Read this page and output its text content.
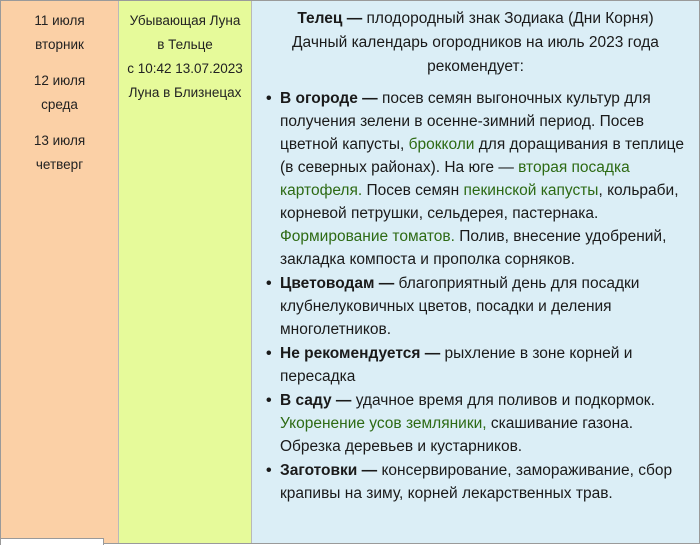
11 июля
вторник
12 июля
среда
13 июля
четверг
Убывающая Луна
в Тельце
с 10:42 13.07.2023
Луна в Близнецах
Телец — плодородный знак Зодиака (Дни Корня)
Дачный календарь огородников на июль 2023 года
рекомендует:
• В огороде — посев семян выгоночных культур для получения зелени в осенне-зимний период. Посев цветной капусты, брокколи для доращивания в теплице (в северных районах). На юге — вторая посадка картофеля. Посев семян пекинской капусты, кольраби, корневой петрушки, сельдерея, пастернака. Формирование томатов. Полив, внесение удобрений, закладка компоста и прополка сорняков.
• Цветоводам — благоприятный день для посадки клубнелуковичных цветов, посадки и деления многолетников.
• Не рекомендуется — рыхление в зоне корней и пересадка
• В саду — удачное время для поливов и подкормок. Укоренение усов земляники, скашивание газона. Обрезка деревьев и кустарников.
• Заготовки — консервирование, замораживание, сбор крапивы на зиму, корней лекарственных трав.
